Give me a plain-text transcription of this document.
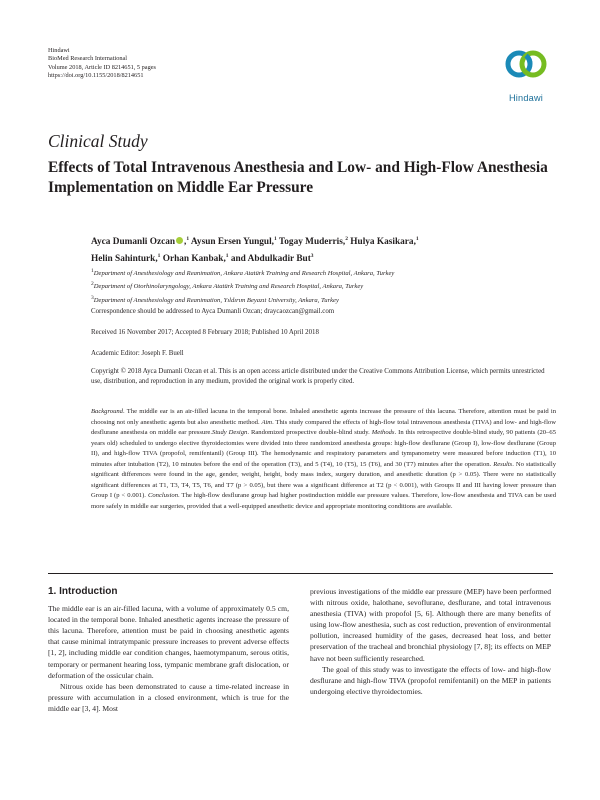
Hindawi
BioMed Research International
Volume 2018, Article ID 8214651, 5 pages
https://doi.org/10.1155/2018/8214651
Hindawi
Clinical Study
Effects of Total Intravenous Anesthesia and Low- and High-Flow Anesthesia Implementation on Middle Ear Pressure
Ayca Dumanli Ozcan ,$^1$ Aysun Ersen Yungul,$^1$ Togay Muderris,$^2$ Hulya Kasikara,$^1$
Helin Sahinturk,$^1$ Orhan Kanbak,$^1$ and Abdulkadir But$^3$
$^1$Department of Anesthesiology and Reanimation, Ankara Atatürk Training and Research Hospital, Ankara, Turkey
$^2$Department of Otorhinolaryngology, Ankara Atatürk Training and Research Hospital, Ankara, Turkey
$^3$Department of Anesthesiology and Reanimation, Yıldırım Beyazıt University, Ankara, Turkey
Correspondence should be addressed to Ayca Dumanli Ozcan; draycaozcan@gmail.com
Received 16 November 2017; Accepted 8 February 2018; Published 10 April 2018
Academic Editor: Joseph F. Buell
Copyright © 2018 Ayca Dumanli Ozcan et al. This is an open access article distributed under the Creative Commons Attribution License, which permits unrestricted use, distribution, and reproduction in any medium, provided the original work is properly cited.
Background. The middle ear is an air-filled lacuna in the temporal bone. Inhaled anesthetic agents increase the pressure of this lacuna. Therefore, attention must be paid in choosing not only anesthetic agents but also anesthetic method. Aim. This study compared the effects of high-flow total intravenous anesthesia (TIVA) and low- and high-flow desflurane anesthesia on middle ear pressure.Study Design. Randomized prospective double-blind study. Methods. In this retrospective double-blind study, 90 patients (20–65 years old) scheduled to undergo elective thyroidectomies were divided into three randomized anesthesia groups: high-flow desflurane (Group I), low-flow desflurane (Group II), and high-flow TIVA (propofol, remifentanil) (Group III). The hemodynamic and respiratory parameters and tympanometry were measured before induction (T1), 10 minutes after intubation (T2), 10 minutes before the end of the operation (T3), and 5 (T4), 10 (T5), 15 (T6), and 30 (T7) minutes after the operation. Results. No statistically significant differences were found in the age, gender, weight, height, body mass index, surgery duration, and anesthetic duration (p > 0.05). There were no statistically significant differences at T1, T3, T4, T5, T6, and T7 (p > 0.05), but there was a significant difference at T2 (p < 0.001), with Groups II and III having lower pressure than Group I (p < 0.001). Conclusion. The high-flow desflurane group had higher postinduction middle ear pressure values. Therefore, low-flow anesthesia and TIVA can be used more safely in middle ear surgeries, provided that a well-equipped anesthetic device and appropriate monitoring conditions are available.

1. Introduction

The middle ear is an air-filled lacuna, with a volume of approximately 0.5 cm, located in the temporal bone. Inhaled anesthetic agents increase the pressure of this lacuna. Therefore, attention must be paid in choosing anesthetic agents that cause minimal intratympanic pressure increases to prevent adverse effects [1, 2], including middle ear condition changes, haemotympanum, serous otitis, temporary or permanent hearing loss, tympanic membrane graft dislocation, or deformation of the ossicular chain.

Nitrous oxide has been demonstrated to cause a time-related increase in pressure with accumulation in a closed environment, which is true for the middle ear [3, 4]. Most

previous investigations of the middle ear pressure (MEP) have been performed with nitrous oxide, halothane, sevoflurane, desflurane, and total intravenous anesthesia (TIVA) with propofol [5, 6]. Although there are many benefits of using low-flow anesthesia, such as cost reduction, prevention of environmental pollution, increased humidity of the gases, decreased heat loss, and better preservation of the tracheal and bronchial physiology [7, 8]; its effects on MEP have not been sufficiently researched.

The goal of this study was to investigate the effects of low- and high-flow desflurane and high-flow TIVA (propofol remifentanil) on the MEP in patients undergoing elective thyroidectomies.
